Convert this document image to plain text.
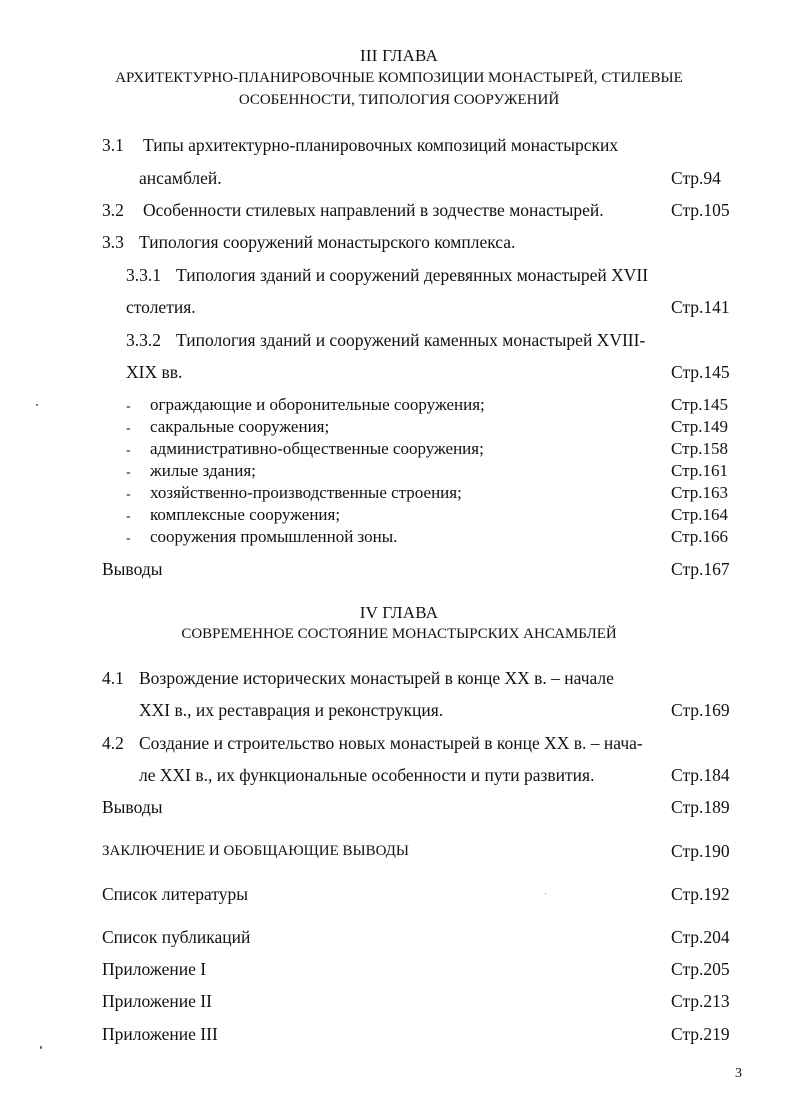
III ГЛАВА
АРХИТЕКТУРНО-ПЛАНИРОВОЧНЫЕ КОМПОЗИЦИИ МОНАСТЫРЕЙ, СТИЛЕВЫЕ
ОСОБЕННОСТИ, ТИПОЛОГИЯ СООРУЖЕНИЙ
3.1 Типы архитектурно-планировочных композиций монастырских
ансамблей.	Стр.94
3.2 Особенности стилевых направлений в зодчестве монастырей.	Стр.105
3.3 Типология сооружений монастырского комплекса.
3.3.1 Типология зданий и сооружений деревянных монастырей XVII
столетия.	Стр.141
3.3.2 Типология зданий и сооружений каменных монастырей XVIII-
XIX вв.	Стр.145
- ограждающие и оборонительные сооружения;	Стр.145
- сакральные сооружения;	Стр.149
- административно-общественные сооружения;	Стр.158
- жилые здания;	Стр.161
- хозяйственно-производственные строения;	Стр.163
- комплексные сооружения;	Стр.164
- сооружения промышленной зоны.	Стр.166
Выводы	Стр.167
IV ГЛАВА
СОВРЕМЕННОЕ СОСТОЯНИЕ МОНАСТЫРСКИХ АНСАМБЛЕЙ
4.1 Возрождение исторических монастырей в конце XX в. – начале
XXI в., их реставрация и реконструкция.	Стр.169
4.2 Создание и строительство новых монастырей в конце XX в. – нача-
ле XXI в., их функциональные особенности и пути развития.	Стр.184
Выводы	Стр.189
ЗАКЛЮЧЕНИЕ И ОБОБЩАЮЩИЕ ВЫВОДЫ	Стр.190
Список литературы	Стр.192
Список публикаций	Стр.204
Приложение I	Стр.205
Приложение II	Стр.213
Приложение III	Стр.219
3
